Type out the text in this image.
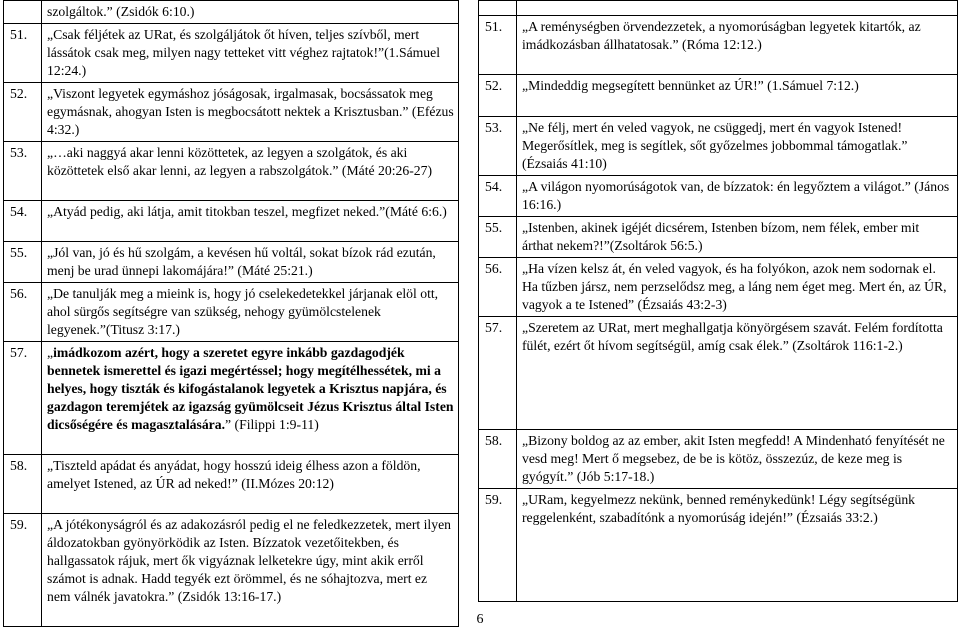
	szolgáltok.” (Zsidók 6:10.)
51.	„Csak féljétek az URat, és szolgáljátok őt híven, teljes szívből, mert lássátok csak meg, milyen nagy tetteket vitt véghez rajtatok!”(1.Sámuel 12:24.)
52.	„Viszont legyetek egymáshoz jóságosak, irgalmasak, bocsássatok meg egymásnak, ahogyan Isten is megbocsátott nektek a Krisztusban.” (Efézus 4:32.)
53.	„…aki naggyá akar lenni közöttetek, az legyen a szolgátok, és aki közöttetek első akar lenni, az legyen a rabszolgátok.” (Máté 20:26-27)
54.	„Atyád pedig, aki látja, amit titokban teszel, megfizet neked.”(Máté 6:6.)
55.	„Jól van, jó és hű szolgám, a kevésen hű voltál, sokat bízok rád ezután, menj be urad ünnepi lakomájára!” (Máté 25:21.)
56.	„De tanulják meg a mieink is, hogy jó cselekedetekkel járjanak elöl ott, ahol sürgős segítségre van szükség, nehogy gyümölcstelenek legyenek.”(Titusz 3:17.)
57.	„imádkozom azért, hogy a szeretet egyre inkább gazdagodjék bennetek ismerettel és igazi megértéssel; hogy megítélhessétek, mi a helyes, hogy tiszták és kifogástalanok legyetek a Krisztus napjára, és gazdagon teremjétek az igazság gyümölcseit Jézus Krisztus által Isten dicsőségére és magasztalására.” (Filippi 1:9-11)
58.	„Tiszteld apádat és anyádat, hogy hosszú ideig élhess azon a földön, amelyet Istened, az ÚR ad neked!” (II.Mózes 20:12)
59.	„A jótékonyságról és az adakozásról pedig el ne feledkezzetek, mert ilyen áldozatokban gyönyörködik az Isten. Bízzatok vezetőitekben, és hallgassatok rájuk, mert ők vigyáznak lelketekre úgy, mint akik erről számot is adnak. Hadd tegyék ezt örömmel, és ne sóhajtozva, mert ez nem válnék javatokra.” (Zsidók 13:16-17.)

51.	„A reménységben örvendezzetek, a nyomorúságban legyetek kitartók, az imádkozásban állhatatosak.” (Róma 12:12.)
52.	„Mindeddig megsegített bennünket az ÚR!” (1.Sámuel 7:12.)
53.	„Ne félj, mert én veled vagyok, ne csüggedj, mert én vagyok Istened! Megerősítlek, meg is segítlek, sőt győzelmes jobbommal támogatlak.” (Ézsaiás 41:10)
54.	„A világon nyomorúságotok van, de bízzatok: én legyőztem a világot.” (János 16:16.)
55.	„Istenben, akinek igéjét dicsérem, Istenben bízom, nem félek, ember mit árthat nekem?!”(Zsoltárok 56:5.)
56.	„Ha vízen kelsz át, én veled vagyok, és ha folyókon, azok nem sodornak el. Ha tűzben jársz, nem perzselődsz meg, a láng nem éget meg. Mert én, az ÚR, vagyok a te Istened” (Ézsaiás 43:2-3)
57.	„Szeretem az URat, mert meghallgatja könyörgésem szavát. Felém fordította fülét, ezért őt hívom segítségül, amíg csak élek.” (Zsoltárok 116:1-2.)
58.	„Bizony boldog az az ember, akit Isten megfedd! A Mindenható fenyítését ne vesd meg! Mert ő megsebez, de be is kötöz, összezúz, de keze meg is gyógyít.” (Jób 5:17-18.)
59.	„URam, kegyelmezz nekünk, benned reménykedünk! Légy segítségünk reggelenként, szabadítónk a nyomorúság idején!” (Ézsaiás 33:2.)
6
